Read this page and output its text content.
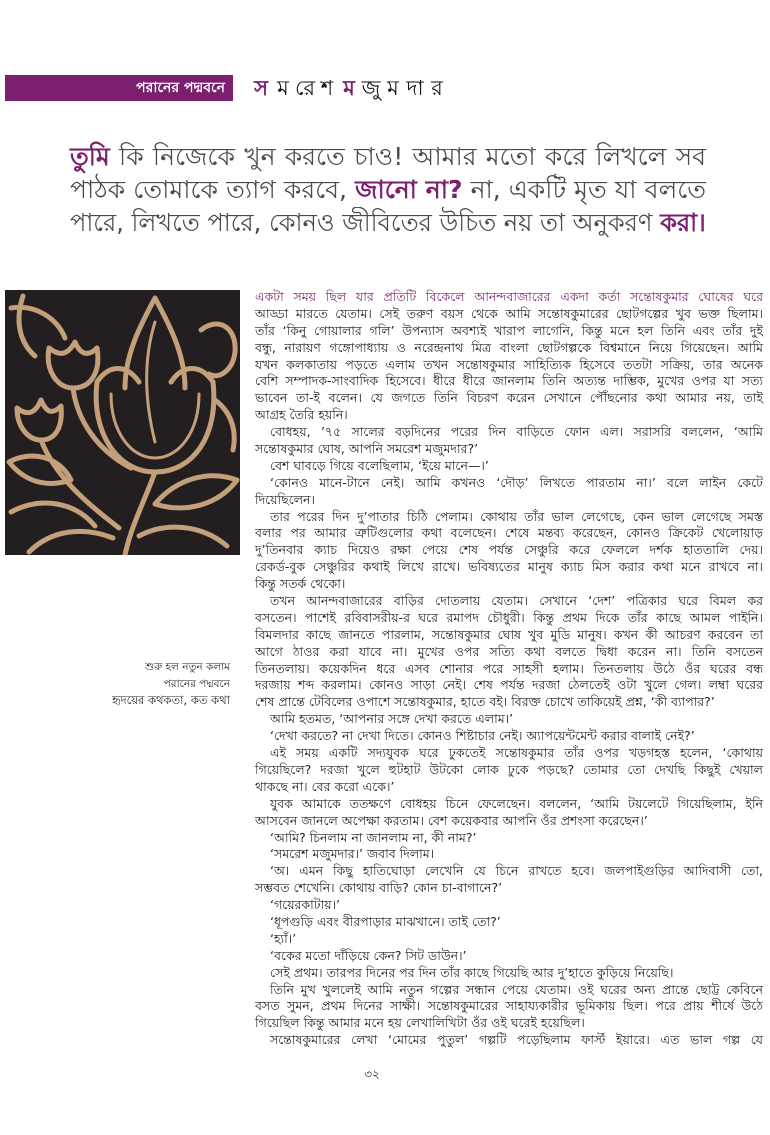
পরানের পদ্মবনে স ম রে শ ম জু ম দা র
তুমি কি নিজেকে খুন করতে চাও! আমার মতো করে লিখলে সব
পাঠক তোমাকে ত্যাগ করবে, জানো না? না, একটি মৃত যা বলতে
পারে, লিখতে পারে, কোনও জীবিতের উচিত নয় তা অনুকরণ করা।
শুরু হল নতুন কলাম
পরানের পদ্মবনে
হৃদয়ের কথকতা, কত কথা
একটা সময় ছিল যার প্রতিটি বিকেলে আনন্দবাজারের একদা কর্তা সন্তোষকুমার ঘোষের ঘরে
আড্ডা মারতে যেতাম। সেই তরুণ বয়স থেকে আমি সন্তোষকুমারের ছোটগল্পের খুব ভক্ত ছিলাম।
তাঁর ‘কিনু গোয়ালার গলি’ উপন্যাস অবশ্যই খারাপ লাগেনি, কিন্তু মনে হল তিনি এবং তাঁর দুই
বন্ধু, নারায়ণ গঙ্গোপাধ্যায় ও নরেন্দ্রনাথ মিত্র বাংলা ছোটগল্পকে বিশ্বমানে নিয়ে গিয়েছেন। আমি
যখন কলকাতায় পড়তে এলাম তখন সন্তোষকুমার সাহিত্যিক হিসেবে ততটা সক্রিয়, তার অনেক
বেশি সম্পাদক-সাংবাদিক হিসেবে। ধীরে ধীরে জানলাম তিনি অত্যন্ত দাম্ভিক, মুখের ওপর যা সত্য
ভাবেন তা-ই বলেন। যে জগতে তিনি বিচরণ করেন সেখানে পৌঁছনোর কথা আমার নয়, তাই
আগ্রহ তৈরি হয়নি।
বোধহয়, ’৭৫ সালের বড়দিনের পরের দিন বাড়িতে ফোন এল। সরাসরি বললেন, ‘আমি
সন্তোষকুমার ঘোষ, আপনি সমরেশ মজুমদার?’
বেশ ঘাবড়ে গিয়ে বলেছিলাম, ‘ইয়ে মানে—।’
‘কোনও মানে-টানে নেই। আমি কখনও ‘দৌড়’ লিখতে পারতাম না।’ বলে লাইন কেটে
দিয়েছিলেন।
তার পরের দিন দু’পাতার চিঠি পেলাম। কোথায় তাঁর ভাল লেগেছে, কেন ভাল লেগেছে সমস্ত
বলার পর আমার ত্রুটিগুলোর কথা বলেছেন। শেষে মন্তব্য করেছেন, কোনও ক্রিকেট খেলোয়াড়
দু’তিনবার ক্যাচ দিয়েও রক্ষা পেয়ে শেষ পর্যন্ত সেঞ্চুরি করে ফেললে দর্শক হাততালি দেয়।
রেকর্ড-বুক সেঞ্চুরির কথাই লিখে রাখে। ভবিষ্যতের মানুষ ক্যাচ মিস করার কথা মনে রাখবে না।
কিন্তু সতর্ক থেকো।
তখন আনন্দবাজারের বাড়ির দোতলায় যেতাম। সেখানে ‘দেশ’ পত্রিকার ঘরে বিমল কর
বসতেন। পাশেই রবিবাসরীয়-র ঘরে রমাপদ চৌধুরী। কিন্তু প্রথম দিকে তাঁর কাছে আমল পাইনি।
বিমলদার কাছে জানতে পারলাম, সন্তোষকুমার ঘোষ খুব মুডি মানুষ। কখন কী আচরণ করবেন তা
আগে ঠাওর করা যাবে না। মুখের ওপর সত্যি কথা বলতে দ্বিধা করেন না। তিনি বসতেন
তিনতলায়। কয়েকদিন ধরে এসব শোনার পরে সাহসী হলাম। তিনতলায় উঠে ওঁর ঘরের বন্ধ
দরজায় শব্দ করলাম। কোনও সাড়া নেই। শেষ পর্যন্ত দরজা ঠেলতেই ওটা খুলে গেল। লম্বা ঘরের
শেষ প্রান্তে টেবিলের ওপাশে সন্তোষকুমার, হাতে বই। বিরক্ত চোখে তাকিয়েই প্রশ্ন, ‘কী ব্যাপার?’
আমি হতমত, ‘আপনার সঙ্গে দেখা করতে এলাম।’
‘দেখা করতে? না দেখা দিতে। কোনও শিষ্টাচার নেই। অ্যাপয়েন্টমেন্ট করার বালাই নেই?’
এই সময় একটি সদ্যযুবক ঘরে ঢুকতেই সন্তোষকুমার তাঁর ওপর খড়গহস্ত হলেন, ‘কোথায়
গিয়েছিলে? দরজা খুলে হুটহাট উটকো লোক ঢুকে পড়ছে? তোমার তো দেখছি কিছুই খেয়াল
থাকছে না। বের করো একে।’
যুবক আমাকে ততক্ষণে বোধহয় চিনে ফেলেছেন। বললেন, ‘আমি টয়লেটে গিয়েছিলাম, ইনি
আসবেন জানলে অপেক্ষা করতাম। বেশ কয়েকবার আপনি ওঁর প্রশংসা করেছেন।’
‘আমি? চিনলাম না জানলাম না, কী নাম?’
‘সমরেশ মজুমদার।’ জবাব দিলাম।
‘অ। এমন কিছু হাতিঘোড়া লেখেনি যে চিনে রাখতে হবে। জলপাইগুড়ির আদিবাসী তো,
সম্ভবত শেখেনি। কোথায় বাড়ি? কোন চা-বাগানে?’
‘গয়েরকাটায়।’
‘ধূপগুড়ি এবং বীরপাড়ার মাঝখানে। তাই তো?’
‘হ্যাঁ।’
‘বকের মতো দাঁড়িয়ে কেন? সিট ডাউন।’
সেই প্রথম। তারপর দিনের পর দিন তাঁর কাছে গিয়েছি আর দু’হাতে কুড়িয়ে নিয়েছি।
তিনি মুখ খুললেই আমি নতুন গল্পের সন্ধান পেয়ে যেতাম। ওই ঘরের অন্য প্রান্তে ছোট্ট কেবিনে
বসত সুমন, প্রথম দিনের সাক্ষী। সন্তোষকুমারের সাহায্যকারীর ভূমিকায় ছিল। পরে প্রায় শীর্ষে উঠে
গিয়েছিল কিন্তু আমার মনে হয় লেখালিখিটা ওঁর ওই ঘরেই হয়েছিল।
সন্তোষকুমারের লেখা ‘মোমের পুতুল’ গল্পটি পড়েছিলাম ফার্স্ট ইয়ারে। এত ভাল গল্প যে
৩২
